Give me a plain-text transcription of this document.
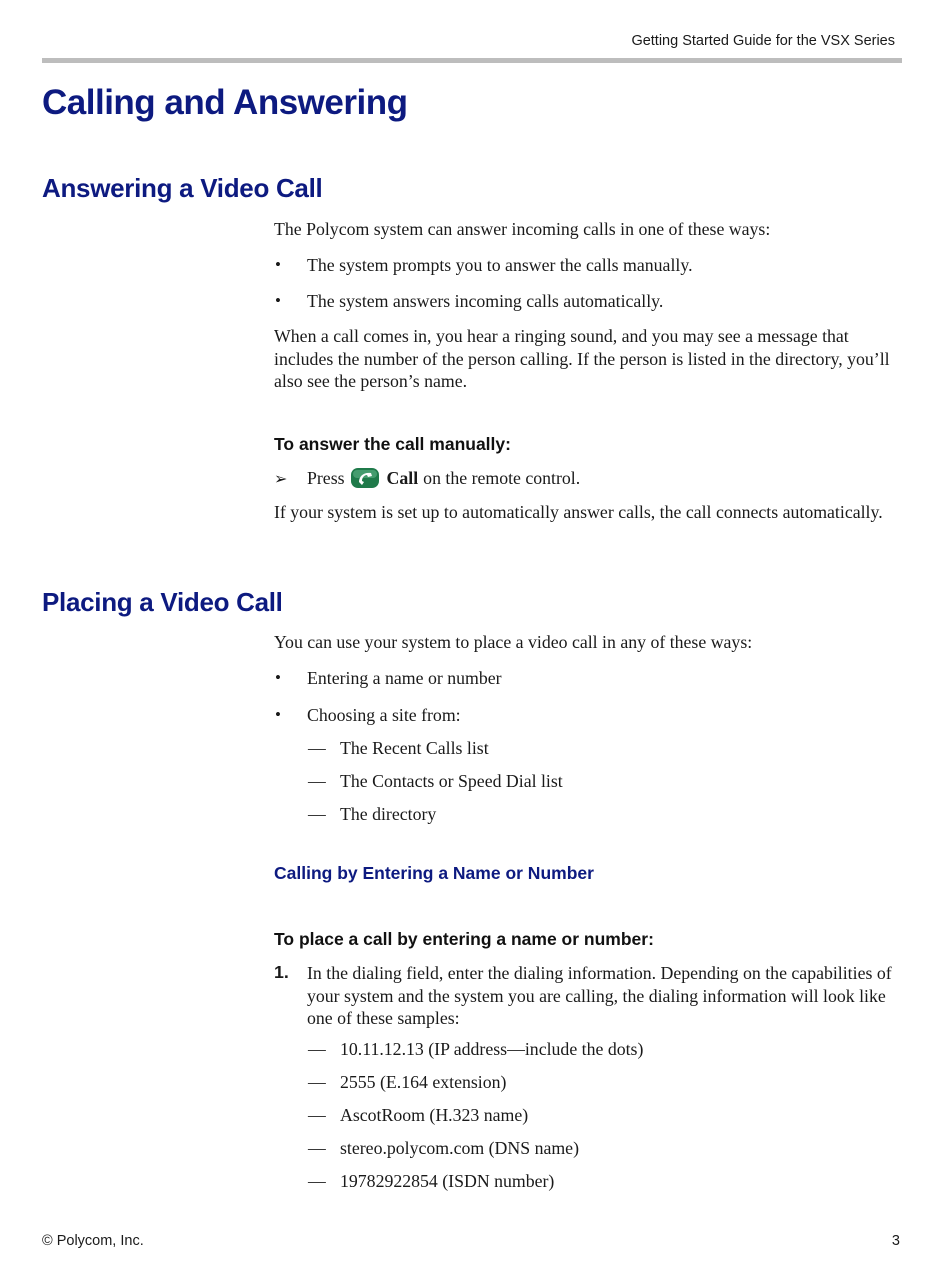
Getting Started Guide for the VSX Series
Calling and Answering
Answering a Video Call
The Polycom system can answer incoming calls in one of these ways:
• The system prompts you to answer the calls manually.
• The system answers incoming calls automatically.
When a call comes in, you hear a ringing sound, and you may see a message that includes the number of the person calling. If the person is listed in the directory, you’ll also see the person’s name.
To answer the call manually:
➢ Press Call on the remote control.
If your system is set up to automatically answer calls, the call connects automatically.
Placing a Video Call
You can use your system to place a video call in any of these ways:
• Entering a name or number
• Choosing a site from:
— The Recent Calls list
— The Contacts or Speed Dial list
— The directory
Calling by Entering a Name or Number
To place a call by entering a name or number:
1. In the dialing field, enter the dialing information. Depending on the capabilities of your system and the system you are calling, the dialing information will look like one of these samples:
— 10.11.12.13 (IP address—include the dots)
— 2555 (E.164 extension)
— AscotRoom (H.323 name)
— stereo.polycom.com (DNS name)
— 19782922854 (ISDN number)
© Polycom, Inc.	3
